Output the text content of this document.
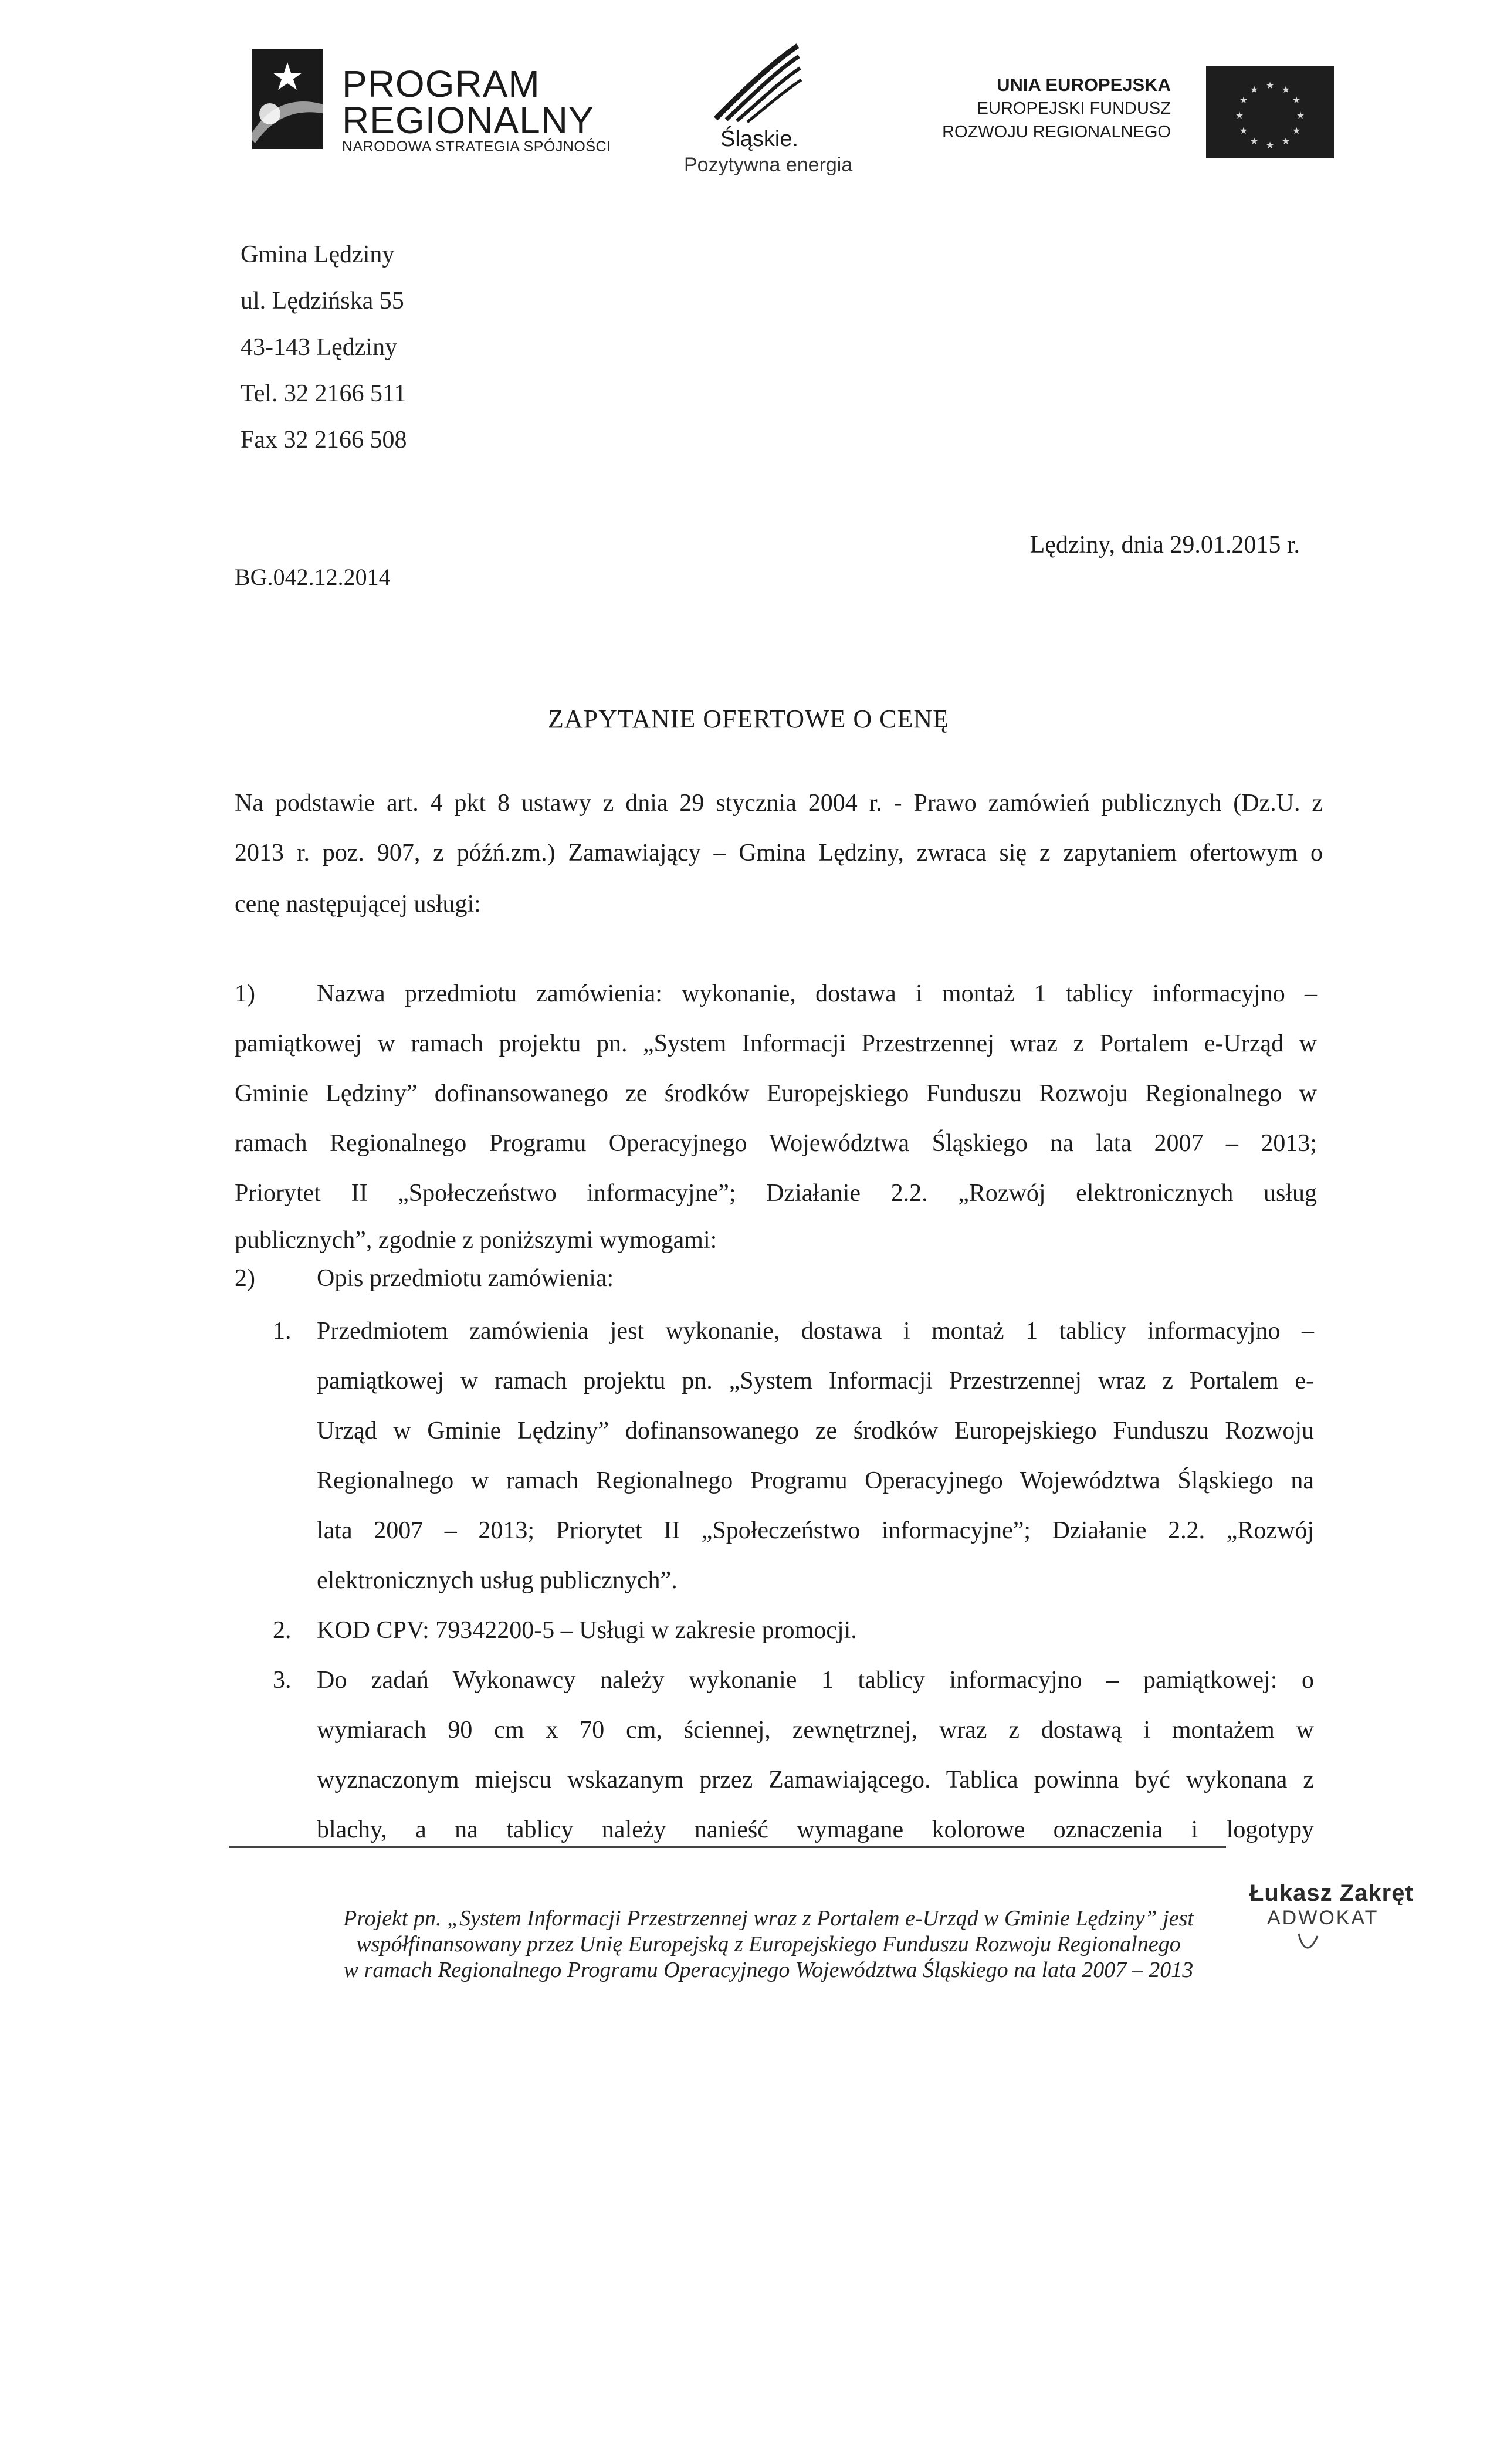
PROGRAM
REGIONALNY
NARODOWA STRATEGIA SPÓJNOŚCI	Śląskie.
Pozytywna energia
UNIA EUROPEJSKA
EUROPEJSKI FUNDUSZ
ROZWOJU REGIONALNEGO
★ ★
★
★
★
★
★
★
★
★
★
★
Gmina Lędziny
ul. Lędzińska 55
43-143 Lędziny
Tel. 32 2166 511
Fax 32 2166 508
Lędziny, dnia 29.01.2015 r.
BG.042.12.2014
ZAPYTANIE OFERTOWE O CENĘ
Na podstawie art. 4 pkt 8 ustawy z dnia 29 stycznia 2004 r. - Prawo zamówień publicznych (Dz.U. z
2013 r. poz. 907, z późń.zm.) Zamawiający – Gmina Lędziny, zwraca się z zapytaniem ofertowym o
cenę następującej usługi:
1)	Nazwa przedmiotu zamówienia: wykonanie, dostawa i montaż 1 tablicy informacyjno –
pamiątkowej w ramach projektu pn. „System Informacji Przestrzennej wraz z Portalem e-Urząd w
Gminie Lędziny” dofinansowanego ze środków Europejskiego Funduszu Rozwoju Regionalnego w
ramach Regionalnego Programu Operacyjnego Województwa Śląskiego na lata 2007 – 2013;
Priorytet II „Społeczeństwo informacyjne”; Działanie 2.2. „Rozwój elektronicznych usług
publicznych”, zgodnie z poniższymi wymogami:
2)	Opis przedmiotu zamówienia:
1. Przedmiotem zamówienia jest wykonanie, dostawa i montaż 1 tablicy informacyjno –
pamiątkowej w ramach projektu pn. „System Informacji Przestrzennej wraz z Portalem e-
Urząd w Gminie Lędziny” dofinansowanego ze środków Europejskiego Funduszu Rozwoju
Regionalnego w ramach Regionalnego Programu Operacyjnego Województwa Śląskiego na
lata 2007 – 2013; Priorytet II „Społeczeństwo informacyjne”; Działanie 2.2. „Rozwój
elektronicznych usług publicznych”.
2. KOD CPV: 79342200-5 – Usługi w zakresie promocji.
3. Do zadań Wykonawcy należy wykonanie 1 tablicy informacyjno – pamiątkowej: o
wymiarach 90 cm x 70 cm, ściennej, zewnętrznej, wraz z dostawą i montażem w
wyznaczonym miejscu wskazanym przez Zamawiającego. Tablica powinna być wykonana z
blachy, a na tablicy należy nanieść wymagane kolorowe oznaczenia i logotypy
Projekt pn. „System Informacji Przestrzennej wraz z Portalem e-Urząd w Gminie Lędziny” jest
współfinansowany przez Unię Europejską z Europejskiego Funduszu Rozwoju Regionalnego
w ramach Regionalnego Programu Operacyjnego Województwa Śląskiego na lata 2007 – 2013
Łukasz Zakręt
ADWOKAT
